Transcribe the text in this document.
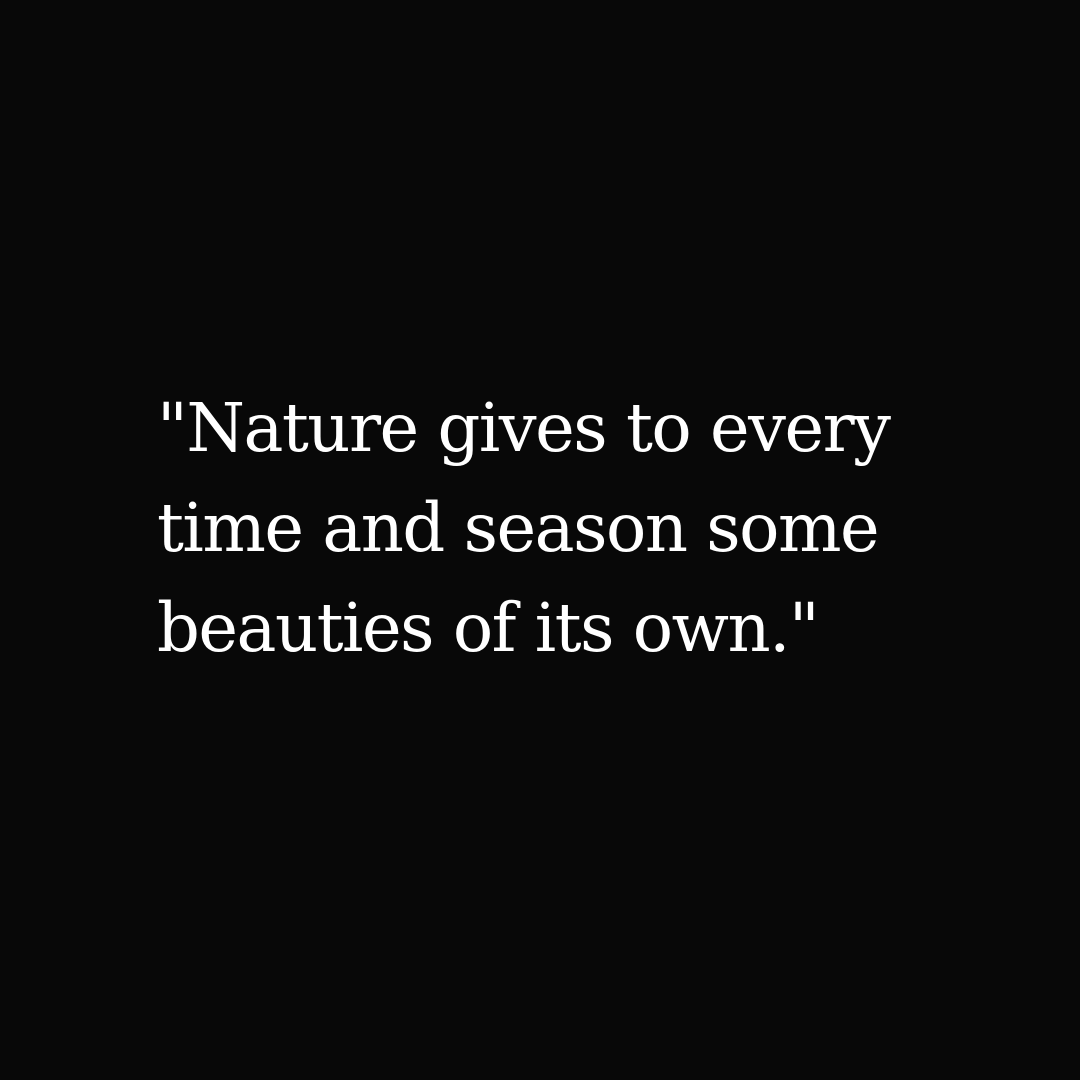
"Nature gives to every
time and season some
beauties of its own."
